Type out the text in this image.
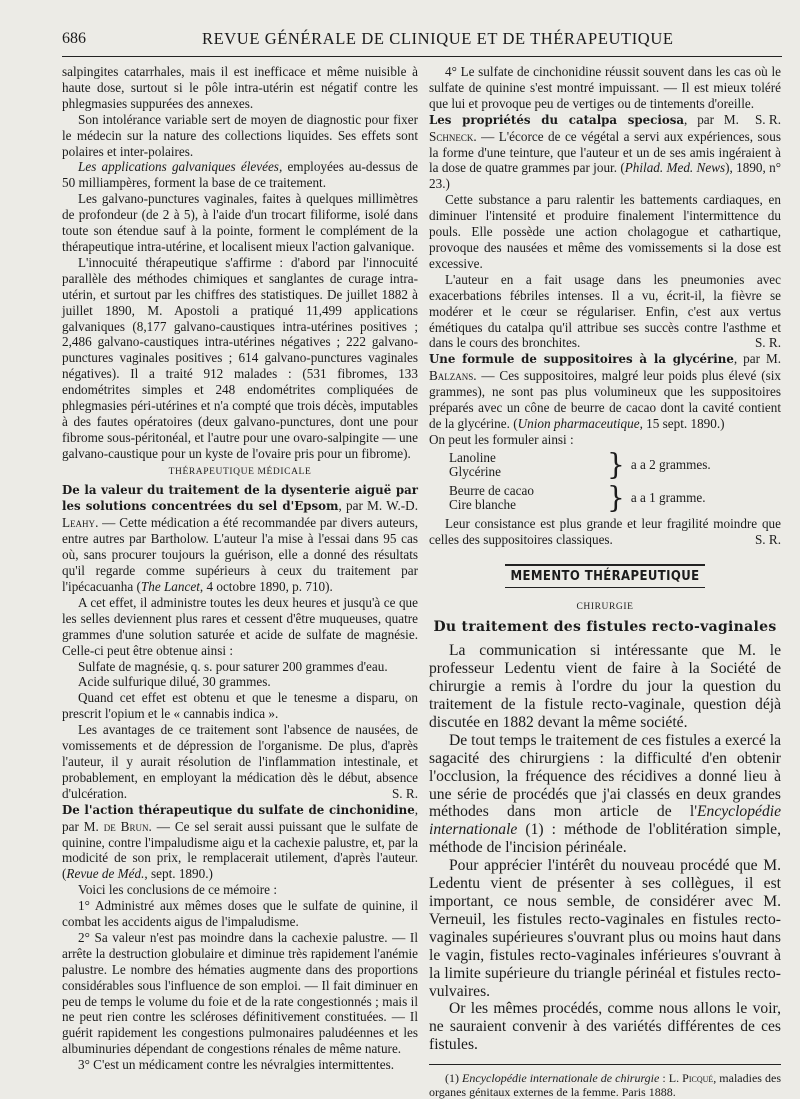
686	REVUE GÉNÉRALE DE CLINIQUE ET DE THÉRAPEUTIQUE

salpingites catarrhales, mais il est inefficace et même nuisible à haute dose, surtout si le pôle intra-utérin est négatif contre les phlegmasies suppurées des annexes.

Son intolérance variable sert de moyen de diagnostic pour fixer le médecin sur la nature des collections liquides. Ses effets sont polaires et inter-polaires.

Les applications galvaniques élevées, employées au-dessus de 50 milliampères, forment la base de ce traitement.

Les galvano-punctures vaginales, faites à quelques millimètres de profondeur (de 2 à 5), à l'aide d'un trocart filiforme, isolé dans toute son étendue sauf à la pointe, forment le complément de la thérapeutique intra-utérine, et localisent mieux l'action galvanique.

L'innocuité thérapeutique s'affirme : d'abord par l'innocuité parallèle des méthodes chimiques et sanglantes de curage intra-utérin, et surtout par les chiffres des statistiques. De juillet 1882 à juillet 1890, M. Apostoli a pratiqué 11,499 applications galvaniques (8,177 galvano-caustiques intra-utérines positives ; 2,486 galvano-caustiques intra-utérines négatives ; 222 galvano-punctures vaginales positives ; 614 galvano-punctures vaginales négatives). Il a traité 912 malades : (531 fibromes, 133 endométrites simples et 248 endométrites compliquées de phlegmasies péri-utérines et n'a compté que trois décès, imputables à des fautes opératoires (deux galvano-punctures, dont une pour fibrome sous-péritonéal, et l'autre pour une ovaro-salpingite — une galvano-caustique pour un kyste de l'ovaire pris pour un fibrome).

THÉRAPEUTIQUE MÉDICALE

De la valeur du traitement de la dysenterie aiguë par les solutions concentrées du sel d'Epsom, par M. W.-D. Leahy. — Cette médication a été recommandée par divers auteurs, entre autres par Bartholow. L'auteur l'a mise à l'essai dans 95 cas où, sans procurer toujours la guérison, elle a donné des résultats qu'il regarde comme supérieurs à ceux du traitement par l'ipécacuanha (The Lancet, 4 octobre 1890, p. 710).

A cet effet, il administre toutes les deux heures et jusqu'à ce que les selles deviennent plus rares et cessent d'être muqueuses, quatre grammes d'une solution saturée et acide de sulfate de magnésie. Celle-ci peut être obtenue ainsi :

Sulfate de magnésie, q. s. pour saturer 200 grammes d'eau.

Acide sulfurique dilué, 30 grammes.

Quand cet effet est obtenu et que le tenesme a disparu, on prescrit l'opium et le « cannabis indica ».

Les avantages de ce traitement sont l'absence de nausées, de vomissements et de dépression de l'organisme. De plus, d'après l'auteur, il y aurait résolution de l'inflammation intestinale, et probablement, en employant la médication dès le début, absence d'ulcération.	S. R.

De l'action thérapeutique du sulfate de cinchonidine, par M. de Brun. — Ce sel serait aussi puissant que le sulfate de quinine, contre l'impaludisme aigu et la cachexie palustre, et, par la modicité de son prix, le remplacerait utilement, d'après l'auteur. (Revue de Méd., sept. 1890.)

Voici les conclusions de ce mémoire :

1° Administré aux mêmes doses que le sulfate de quinine, il combat les accidents aigus de l'impaludisme.

2° Sa valeur n'est pas moindre dans la cachexie palustre. — Il arrête la destruction globulaire et diminue très rapidement l'anémie palustre. Le nombre des hématies augmente dans des proportions considérables sous l'influence de son emploi. — Il fait diminuer en peu de temps le volume du foie et de la rate congestionnés ; mais il ne peut rien contre les scléroses définitivement constituées. — Il guérit rapidement les congestions pulmonaires paludéennes et les albuminuries dépendant de congestions rénales de même nature.

3° C'est un médicament contre les névralgies intermittentes.

4° Le sulfate de cinchonidine réussit souvent dans les cas où le sulfate de quinine s'est montré impuissant. — Il est mieux toléré que lui et provoque peu de vertiges ou de tintements d'oreille.
S. R.

Les propriétés du catalpa speciosa, par M. Schneck. — L'écorce de ce végétal a servi aux expériences, sous la forme d'une teinture, que l'auteur et un de ses amis ingéraient à la dose de quatre grammes par jour. (Philad. Med. News), 1890, n° 23.)

Cette substance a paru ralentir les battements cardiaques, en diminuer l'intensité et produire finalement l'intermittence du pouls. Elle possède une action cholagogue et cathartique, provoque des nausées et même des vomissements si la dose est excessive.

L'auteur en a fait usage dans les pneumonies avec exacerbations fébriles intenses. Il a vu, écrit-il, la fièvre se modérer et le cœur se régulariser. Enfin, c'est aux vertus émétiques du catalpa qu'il attribue ses succès contre l'asthme et dans le cours des bronchites.	S. R.

Une formule de suppositoires à la glycérine, par M. Balzans. — Ces suppositoires, malgré leur poids plus élevé (six grammes), ne sont pas plus volumineux que les suppositoires préparés avec un cône de beurre de cacao dont la cavité contient de la glycérine. (Union pharmaceutique, 15 sept. 1890.)

On peut les formuler ainsi :

Lanoline
Glycérine	} a a 2 grammes.
Beurre de cacao
Cire blanche	} a a 1 gramme.

Leur consistance est plus grande et leur fragilité moindre que celles des suppositoires classiques.	S. R.

MEMENTO THÉRAPEUTIQUE
CHIRURGIE
Du traitement des fistules recto-vaginales

La communication si intéressante que M. le professeur Ledentu vient de faire à la Société de chirurgie a remis à l'ordre du jour la question du traitement de la fistule recto-vaginale, question déjà discutée en 1882 devant la même société.

De tout temps le traitement de ces fistules a exercé la sagacité des chirurgiens : la difficulté d'en obtenir l'occlusion, la fréquence des récidives a donné lieu à une série de procédés que j'ai classés en deux grandes méthodes dans mon article de l'Encyclopédie internationale (1) : méthode de l'oblitération simple, méthode de l'incision périnéale.

Pour apprécier l'intérêt du nouveau procédé que M. Ledentu vient de présenter à ses collègues, il est important, ce nous semble, de considérer avec M. Verneuil, les fistules recto-vaginales en fistules recto-vaginales supérieures s'ouvrant plus ou moins haut dans le vagin, fistules recto-vaginales inférieures s'ouvrant à la limite supérieure du triangle périnéal et fistules recto-vulvaires.

Or les mêmes procédés, comme nous allons le voir, ne sauraient convenir à des variétés différentes de ces fistules.

(1) Encyclopédie internationale de chirurgie : L. Picqué, maladies des organes génitaux externes de la femme. Paris 1888.
